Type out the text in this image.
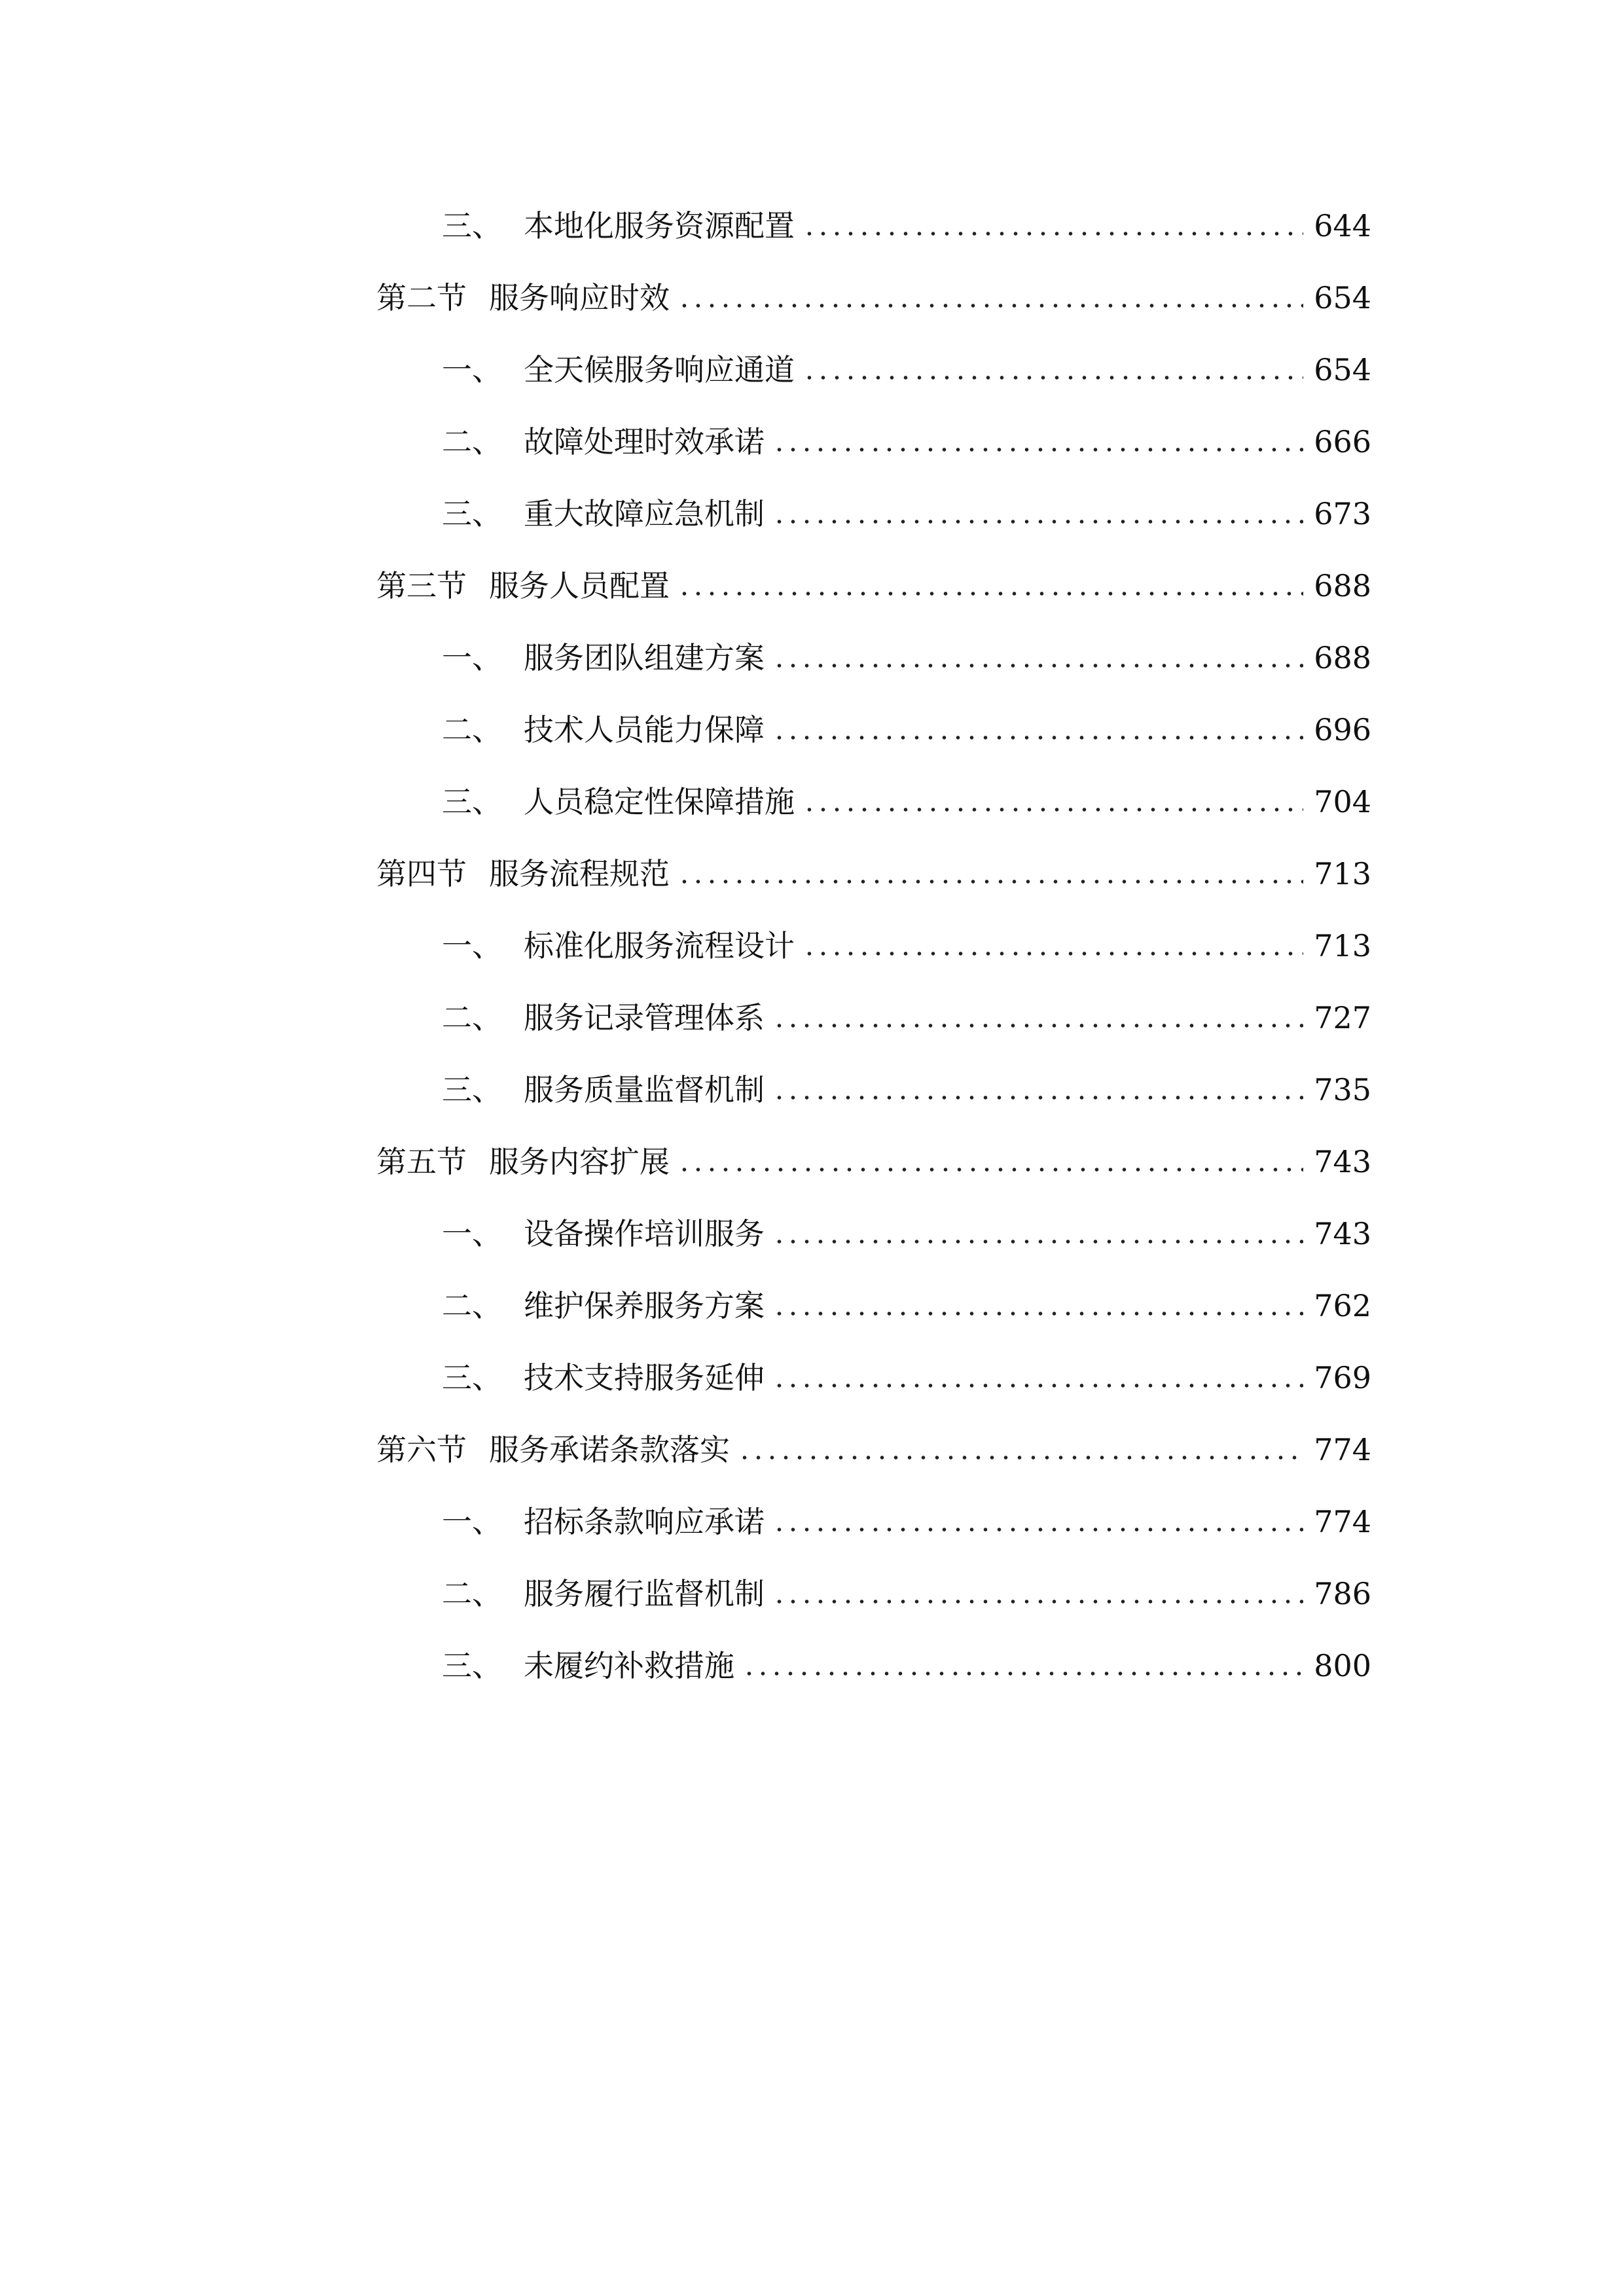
三、 本地化服务资源配置	644
第二节 服务响应时效	654
一、 全天候服务响应通道	654
二、 故障处理时效承诺	666
三、 重大故障应急机制	673
第三节 服务人员配置	688
一、 服务团队组建方案	688
二、 技术人员能力保障	696
三、 人员稳定性保障措施	704
第四节 服务流程规范	713
一、 标准化服务流程设计	713
二、 服务记录管理体系	727
三、 服务质量监督机制	735
第五节 服务内容扩展	743
一、 设备操作培训服务	743
二、 维护保养服务方案	762
三、 技术支持服务延伸	769
第六节 服务承诺条款落实	774
一、 招标条款响应承诺	774
二、 服务履行监督机制	786
三、 未履约补救措施	800
